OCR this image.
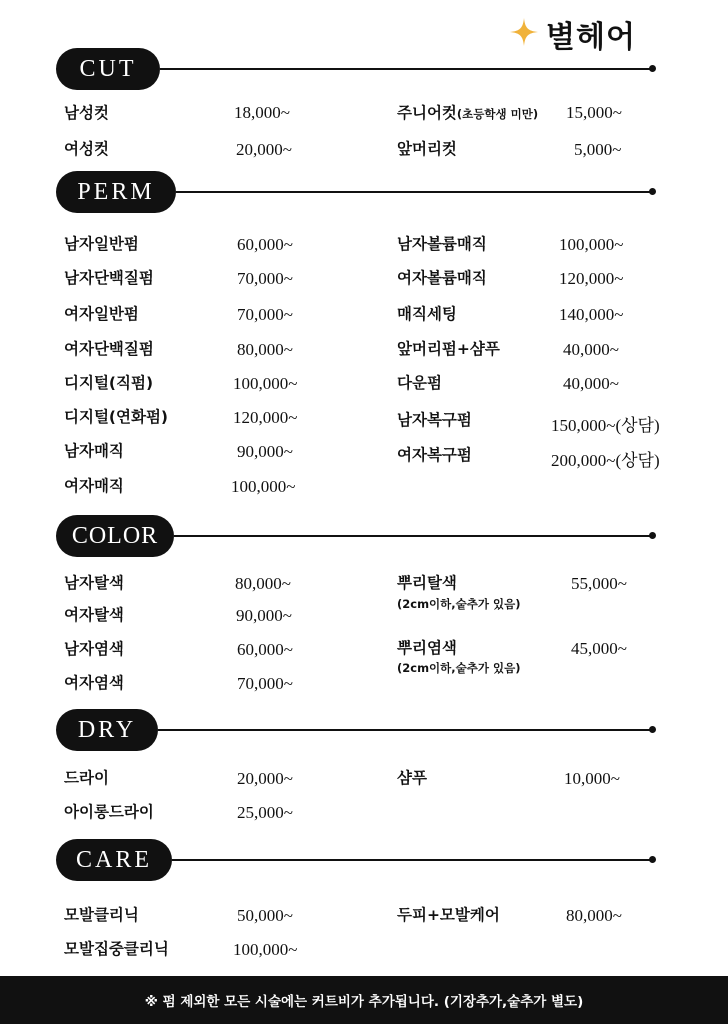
별헤어
CUT
남성컷	18,000~
여성컷	20,000~
주니어컷(초등학생 미만) 15,000~
앞머리컷	5,000~
PERM
남자일반펌	60,000~
남자단백질펌	70,000~
여자일반펌	70,000~
여자단백질펌	80,000~
디지털(직펌)	100,000~
디지털(연화펌)	120,000~
남자매직	90,000~
여자매직	100,000~
남자볼륨매직	100,000~
여자볼륨매직	120,000~
매직세팅	140,000~
앞머리펌+샴푸	40,000~
다운펌	40,000~
남자복구펌	150,000~(상담)
여자복구펌	200,000~(상담)
COLOR
남자탈색	80,000~
여자탈색	90,000~
남자염색	60,000~
여자염색	70,000~
뿌리탈색
(2cm이하,숱추가 있음)
55,000~
뿌리염색
(2cm이하,숱추가 있음)
45,000~
DRY
드라이	20,000~
아이롱드라이	25,000~
샴푸	10,000~
CARE
모발클리닉	50,000~
모발집중클리닉	100,000~
두피+모발케어	80,000~
※ 펌 제외한 모든 시술에는 커트비가 추가됩니다. (기장추가,숱추가 별도)
